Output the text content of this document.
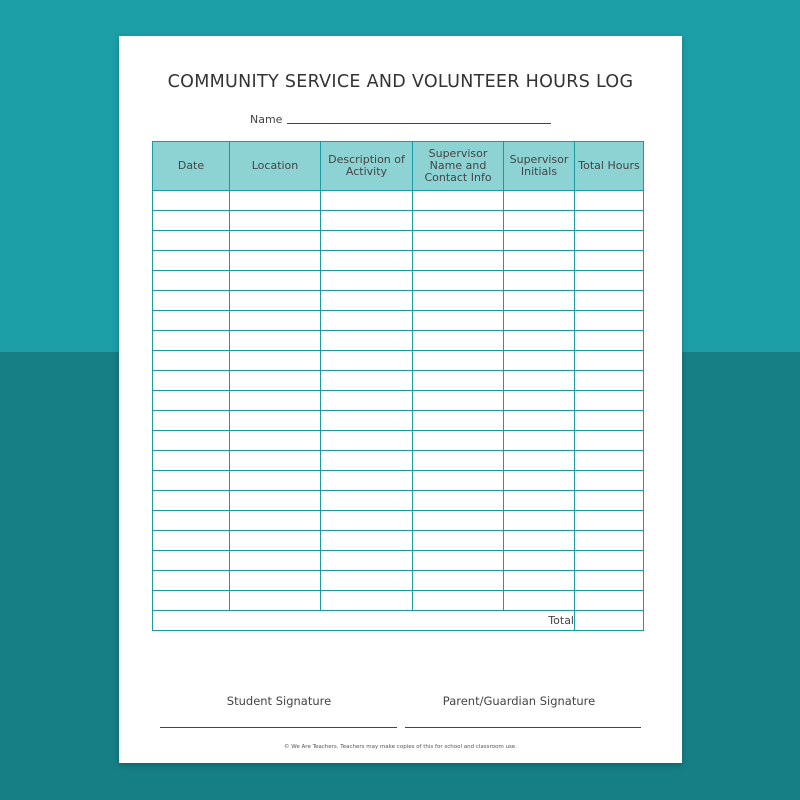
COMMUNITY SERVICE AND VOLUNTEER HOURS LOG
Name
Date	Location	Description of Activity	Supervisor Name and Contact Info	Supervisor Initials	Total Hours

Total					
Student Signature	Parent/Guardian Signature
© We Are Teachers. Teachers may make copies of this for school and classroom use.
